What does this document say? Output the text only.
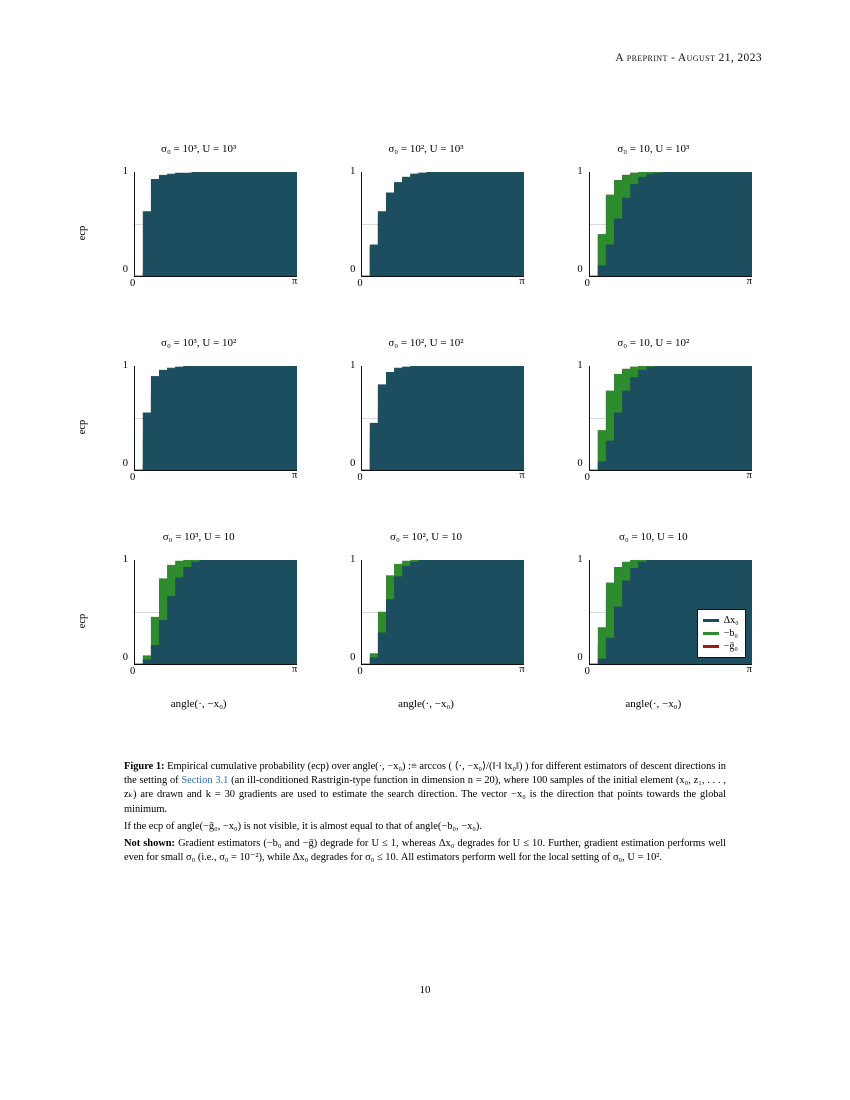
A preprint - August 21, 2023
σ₀ = 10³, U = 10³
ecp
1
0
0	π
σ₀ = 10², U = 10³
1
0
0	π
σ₀ = 10, U = 10³
1
0
0	π
σ₀ = 10³, U = 10²
ecp
1
0
0	π
σ₀ = 10², U = 10²
1
0
0	π
σ₀ = 10, U = 10²
1
0
0	π
σ₀ = 10³, U = 10
ecp
1
0
0	π
angle(·, −x₀)
σ₀ = 10², U = 10
1
0
0	π
angle(·, −x₀)
σ₀ = 10, U = 10
1
0
Δx₀
−b₀
−ḡ₀
0	π
angle(·, −x₀)

Figure 1: Empirical cumulative probability (ecp) over angle(·, −x₀) :≡ arccos ( ⟨·, −x₀⟩/(‖·‖ ‖x₀‖) ) for different estimators of descent directions in the setting of Section 3.1 (an ill-conditioned Rastrigin-type function in dimension n = 20), where 100 samples of the initial element (x₀, z₁, . . . , zₖ) are drawn and k = 30 gradients are used to estimate the search direction. The vector −x₀ is the direction that points towards the global minimum.

If the ecp of angle(−ḡ₀, −x₀) is not visible, it is almost equal to that of angle(−b₀, −x₀).

Not shown: Gradient estimators (−b₀ and −ḡ) degrade for U ≤ 1, whereas Δx₀ degrades for U ≤ 10. Further, gradient estimation performs well even for small σ₀ (i.e., σ₀ = 10⁻²), while Δx₀ degrades for σ₀ ≤ 10. All estimators perform well for the local setting of σ₀, U = 10².

10
